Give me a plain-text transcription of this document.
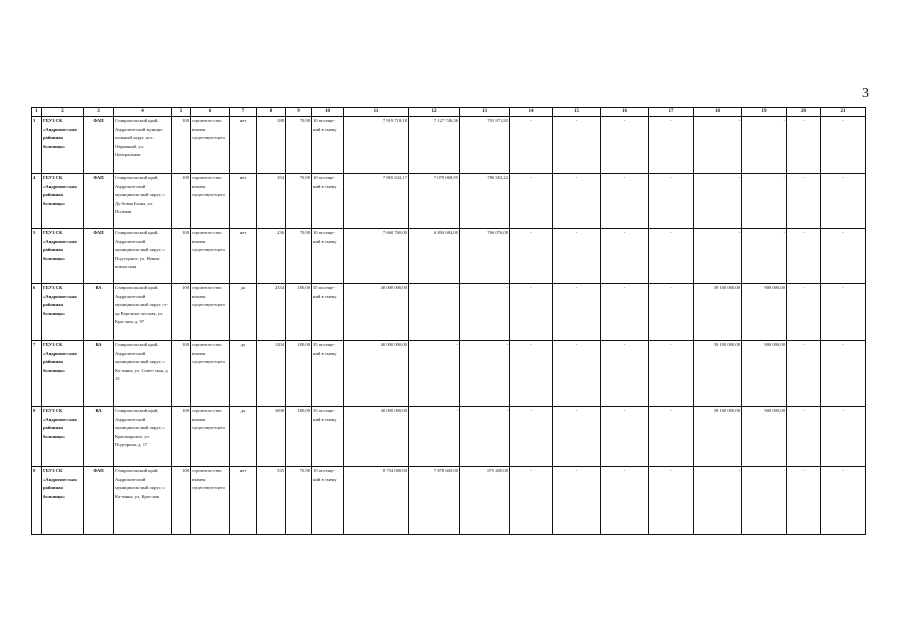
3
1	2	3	4	5	6	7	8	9	10	11	12	13	14	15	16	17	18	19	20	21
3	ГБУЗ СК «Андропов-ская районная больница»	ФАП	Ставропольский край, Андропов-ский муници-пальный округ, пос. Овражный, ул. Центральная	100	строитель-ство взамен существую-щего	нет	188	70,90	10 посеще-ний в смену	7 919 718,18	7 127 746,36	791 971,82	-	-	-	-	-	-	-	-
4	ГБУЗ СК «Андропов-ская районная больница»	ФАП	Ставропольский край, Андропов-ский муниципаль-ный округ, с. Ду-бовая Балка, ул. Полевая	100	строитель-ство взамен существую-щего	нет	354	70,90	10 посеще-ний в смену	7 865 632,17	7 079 068,95	786 563,22	-	-	-	-	-	-	-	-
5	ГБУЗ СК «Андропов-ская районная больница»	ФАП	Ставропольский край, Андропов-ский муниципаль-ный округ, с. Под-горное, ул. Невин-номысская	100	строитель-ство взамен существую-щего	нет	236	70,90	10 посеще-ний в смену	7 660 760,00	6 894 684,00	766 076,00	-	-	-	-	-	-	-	-
6	ГБУЗ СК «Андропов-ская районная больница»	ВА	Ставропольский край, Андропов-ский муниципаль-ный округ, ст-ца Воровско-лесская, ул. Крас-ная, д. 97	100	строитель-ство взамен существую-щего	да	2334	180,00	35 посеще-ний в смену	40 000 000,00	-	-	-	-	-	-	39 100 000,00	900 000,00	-	-
7	ГБУЗ СК «Андропов-ская районная больница»	ВА	Ставропольский край, Андропов-ский муниципаль-ный округ, с. Ка-зинка, ул. Совет-ская, д. 15	100	строитель-ство взамен существую-щего	да	1204	180,00	35 посеще-ний в смену	40 000 000,00	-	-	-	-	-	-	39 100 000,00	900 000,00	-	-
8	ГБУЗ СК «Андропов-ская районная больница»	ВА	Ставропольский край, Андропов-ский муниципаль-ный округ, с. Красноярское, ул. Подгорная, д. 17	100	строитель-ство взамен существую-щего	да	1698	180,00	35 посеще-ний в смену	40 000 000,00	-	-	-	-	-	-	39 100 000,00	900 000,00	-	-
9	ГБУЗ СК «Андропов-ская районная больница»	ФАП	Ставропольский край, Андропов-ский муниципаль-ный округ, с. Ка-зинка, ул. Крас-ная	100	строитель-ство взамен существую-щего	нет	535	70,90	10 посеще-ний в смену	8 754 000,00	7 878 600,00	875 400,00	-	-	-	-	-	-	-	-
